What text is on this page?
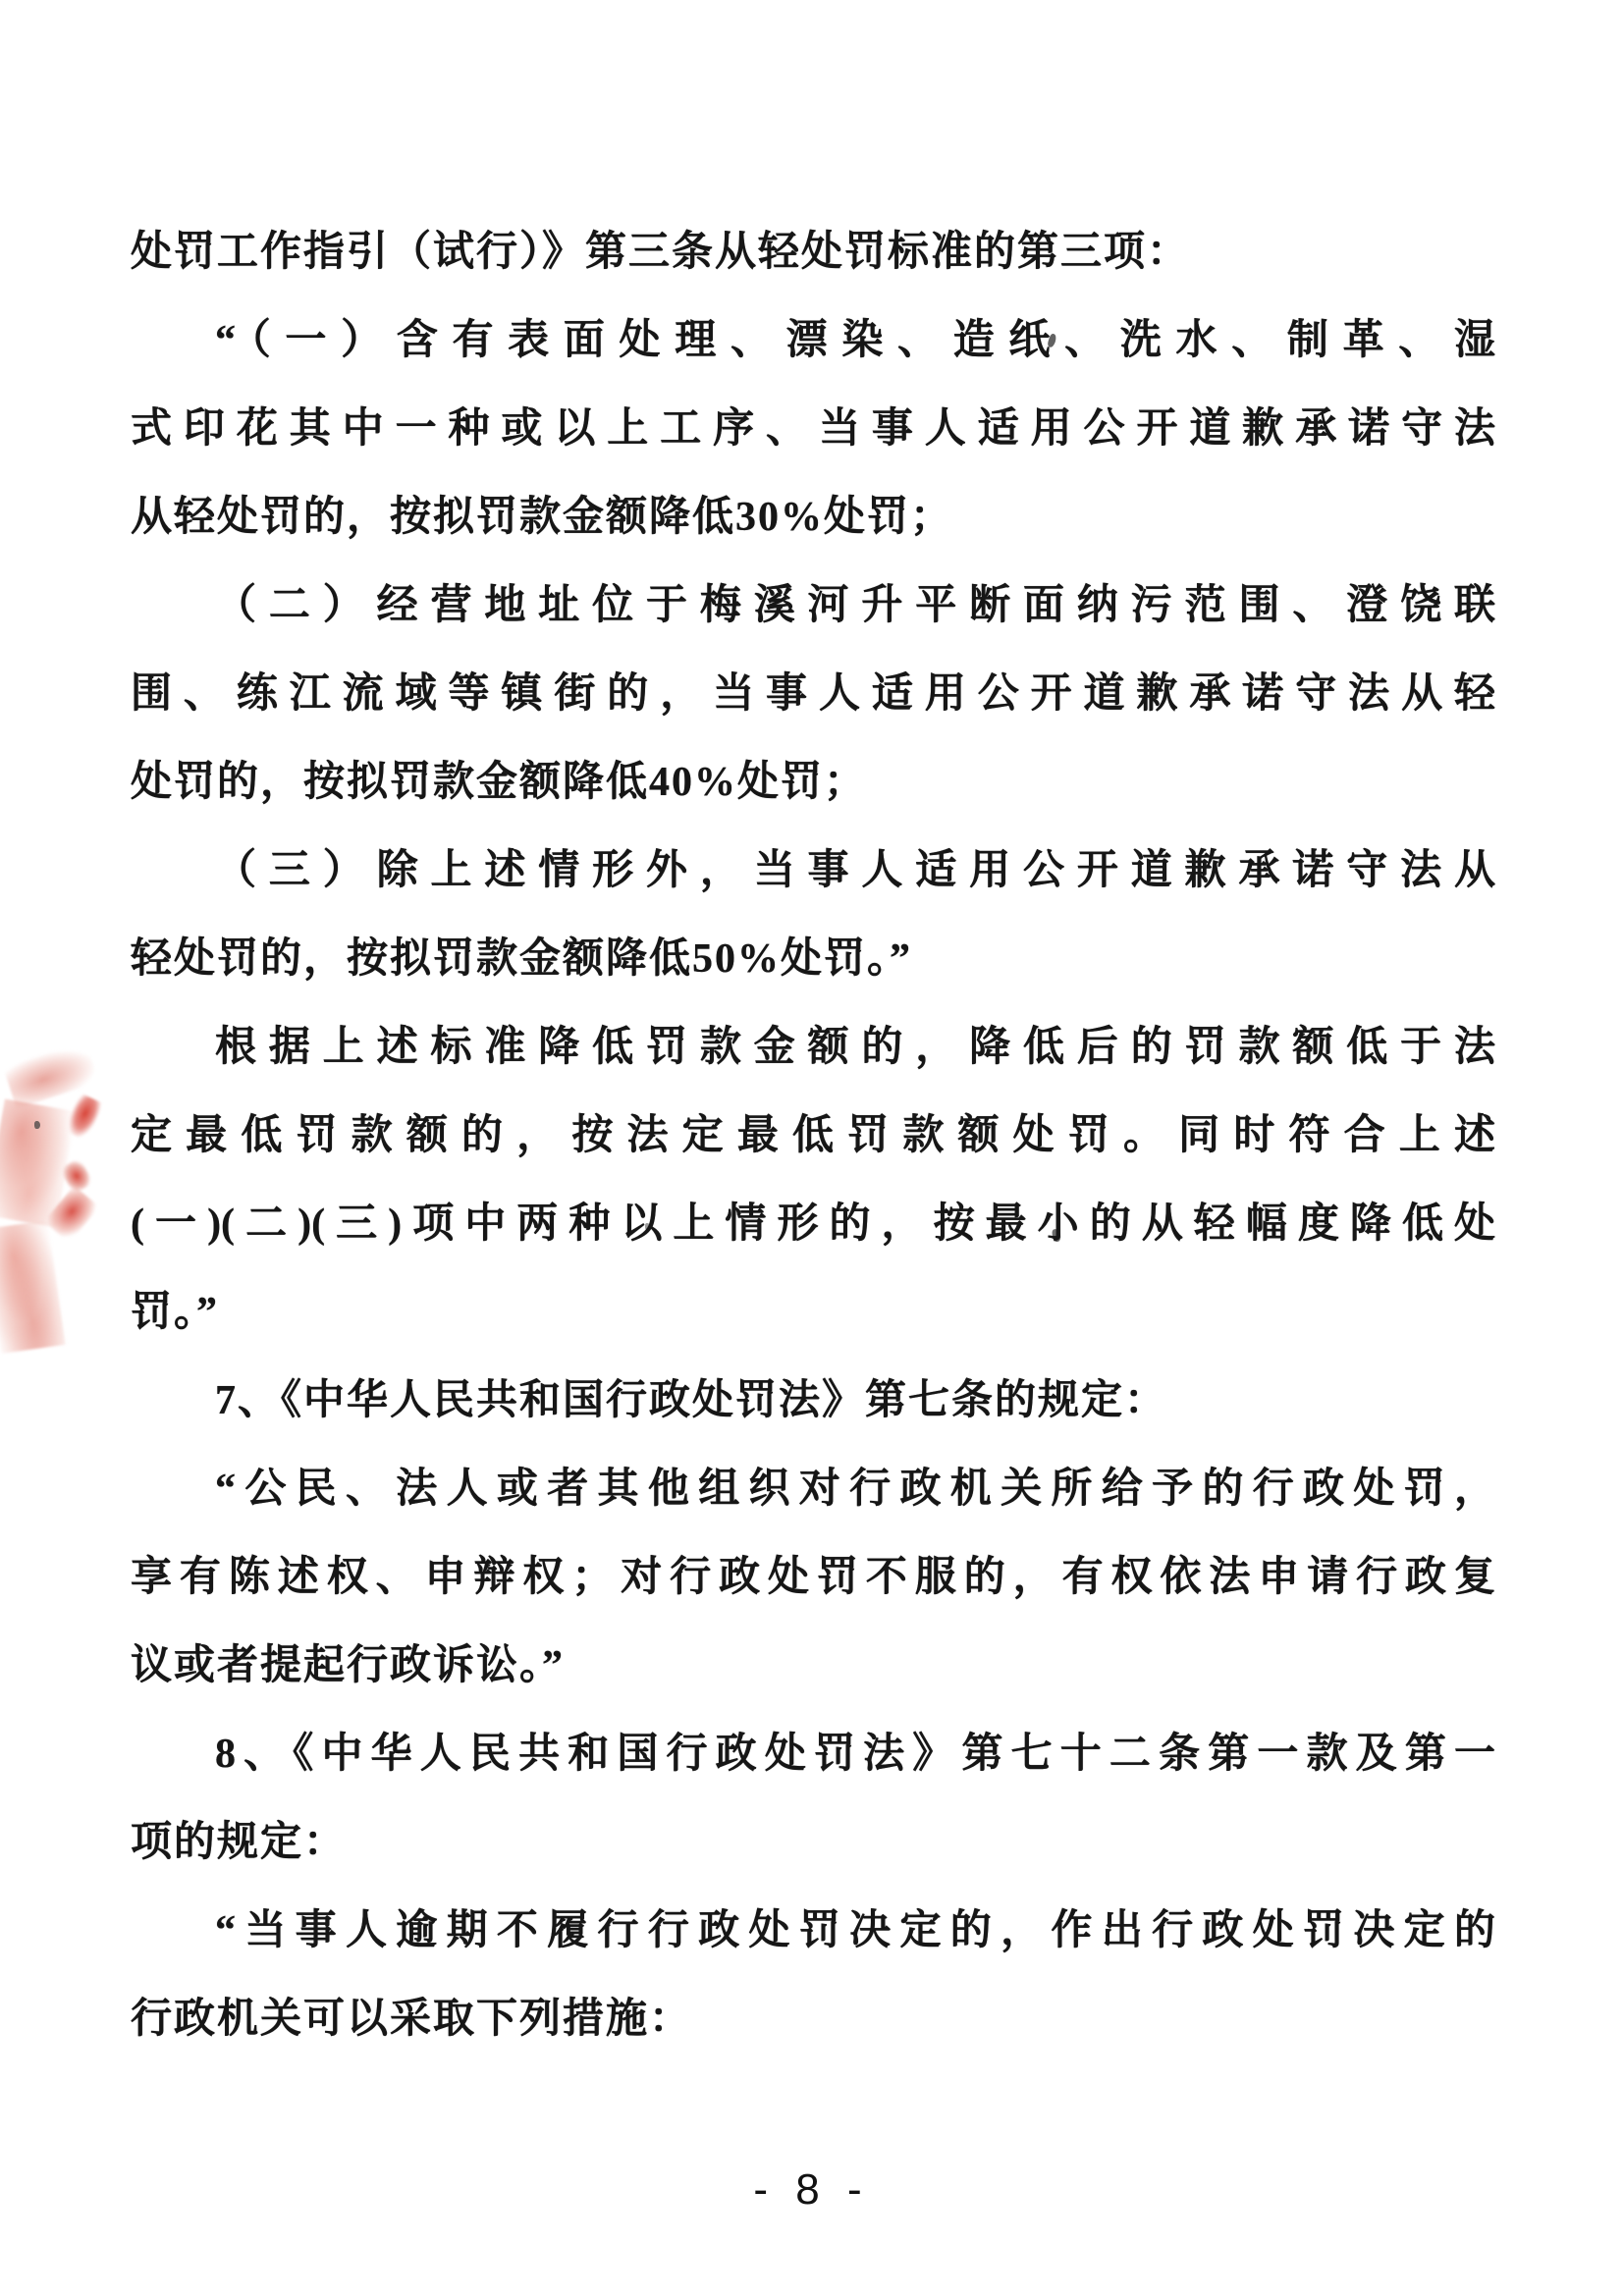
处罚工作指引（试行）》第三条从轻处罚标准的第三项：
“（一）含有表面处理、漂染、造纸、洗水、制革、湿
式印花其中一种或以上工序、当事人适用公开道歉承诺守法
从轻处罚的，按拟罚款金额降低30%处罚；
（二）经营地址位于梅溪河升平断面纳污范围、澄饶联
围、练江流域等镇街的，当事人适用公开道歉承诺守法从轻
处罚的，按拟罚款金额降低40%处罚；
（三）除上述情形外，当事人适用公开道歉承诺守法从
轻处罚的，按拟罚款金额降低50%处罚。”
根据上述标准降低罚款金额的，降低后的罚款额低于法
定最低罚款额的，按法定最低罚款额处罚。同时符合上述
(一)(二)(三)项中两种以上情形的，按最小的从轻幅度降低处
罚。”
7、《中华人民共和国行政处罚法》第七条的规定：
“公民、法人或者其他组织对行政机关所给予的行政处罚，
享有陈述权、申辩权；对行政处罚不服的，有权依法申请行政复
议或者提起行政诉讼。”
8、《中华人民共和国行政处罚法》第七十二条第一款及第一
项的规定：
“当事人逾期不履行行政处罚决定的，作出行政处罚决定的
行政机关可以采取下列措施：
- 8 -
